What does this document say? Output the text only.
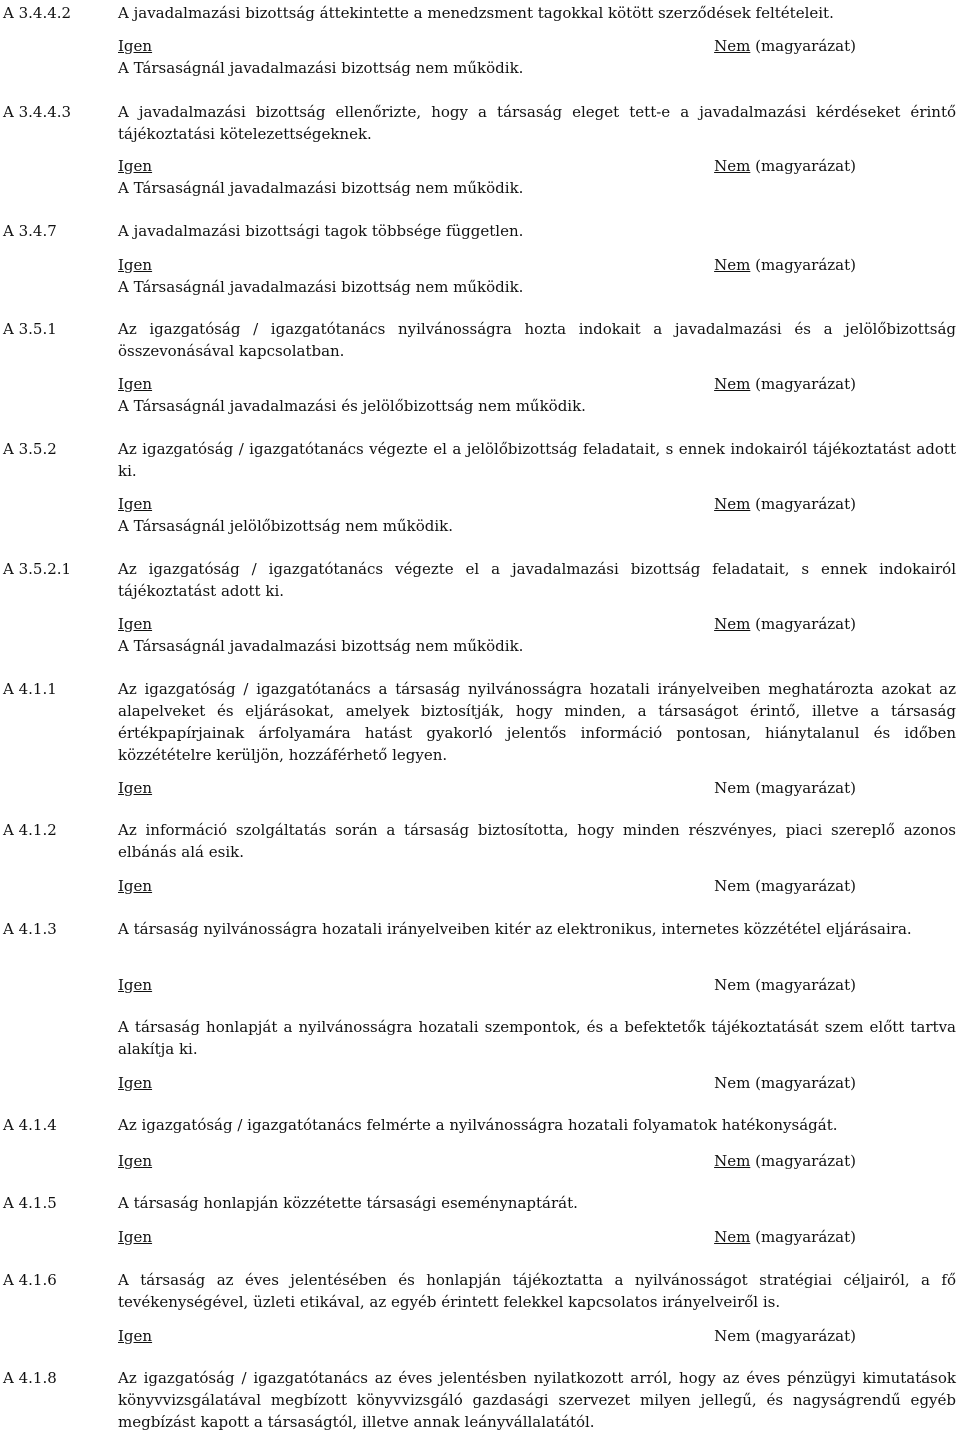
A 3.4.4.2	A javadalmazási bizottság áttekintette a menedzsment tagokkal kötött szerződések feltételeit.
Igen	Nem (magyarázat)
A Társaságnál javadalmazási bizottság nem működik.
A 3.4.4.3	A javadalmazási bizottság ellenőrizte, hogy a társaság eleget tett-e a javadalmazási kérdéseket érintő tájékoztatási kötelezettségeknek.
Igen	Nem (magyarázat)
A Társaságnál javadalmazási bizottság nem működik.
A 3.4.7	A javadalmazási bizottsági tagok többsége független.
Igen	Nem (magyarázat)
A Társaságnál javadalmazási bizottság nem működik.
A 3.5.1	Az igazgatóság / igazgatótanács nyilvánosságra hozta indokait a javadalmazási és a jelölőbizottság összevonásával kapcsolatban.
Igen	Nem (magyarázat)
A Társaságnál javadalmazási és jelölőbizottság nem működik.
A 3.5.2	Az igazgatóság / igazgatótanács végezte el a jelölőbizottság feladatait, s ennek indokairól tájékoztatást adott ki.
Igen	Nem (magyarázat)
A Társaságnál jelölőbizottság nem működik.
A 3.5.2.1	Az igazgatóság / igazgatótanács végezte el a javadalmazási bizottság feladatait, s ennek indokairól tájékoztatást adott ki.
Igen	Nem (magyarázat)
A Társaságnál javadalmazási bizottság nem működik.
A 4.1.1	Az igazgatóság / igazgatótanács a társaság nyilvánosságra hozatali irányelveiben meghatározta azokat az alapelveket és eljárásokat, amelyek biztosítják, hogy minden, a társaságot érintő, illetve a társaság értékpapírjainak árfolyamára hatást gyakorló jelentős információ pontosan, hiánytalanul és időben közzétételre kerüljön, hozzáférhető legyen.
Igen	Nem (magyarázat)
A 4.1.2	Az információ szolgáltatás során a társaság biztosította, hogy minden részvényes, piaci szereplő azonos elbánás alá esik.
Igen	Nem (magyarázat)
A 4.1.3	A társaság nyilvánosságra hozatali irányelveiben kitér az elektronikus, internetes közzététel eljárásaira.
Igen	Nem (magyarázat)
A társaság honlapját a nyilvánosságra hozatali szempontok, és a befektetők tájékoztatását szem előtt tartva alakítja ki.
Igen	Nem (magyarázat)
A 4.1.4	Az igazgatóság / igazgatótanács felmérte a nyilvánosságra hozatali folyamatok hatékonyságát.
Igen	Nem (magyarázat)
A 4.1.5	A társaság honlapján közzétette társasági eseménynaptárát.
Igen	Nem (magyarázat)
A 4.1.6	A társaság az éves jelentésében és honlapján tájékoztatta a nyilvánosságot stratégiai céljairól, a fő tevékenységével, üzleti etikával, az egyéb érintett felekkel kapcsolatos irányelveiről is.
Igen	Nem (magyarázat)
A 4.1.8	Az igazgatóság / igazgatótanács az éves jelentésben nyilatkozott arról, hogy az éves pénzügyi kimutatások könyvvizsgálatával megbízott könyvvizsgáló gazdasági szervezet milyen jellegű, és nagyságrendű egyéb megbízást kapott a társaságtól, illetve annak leányvállalatától.
